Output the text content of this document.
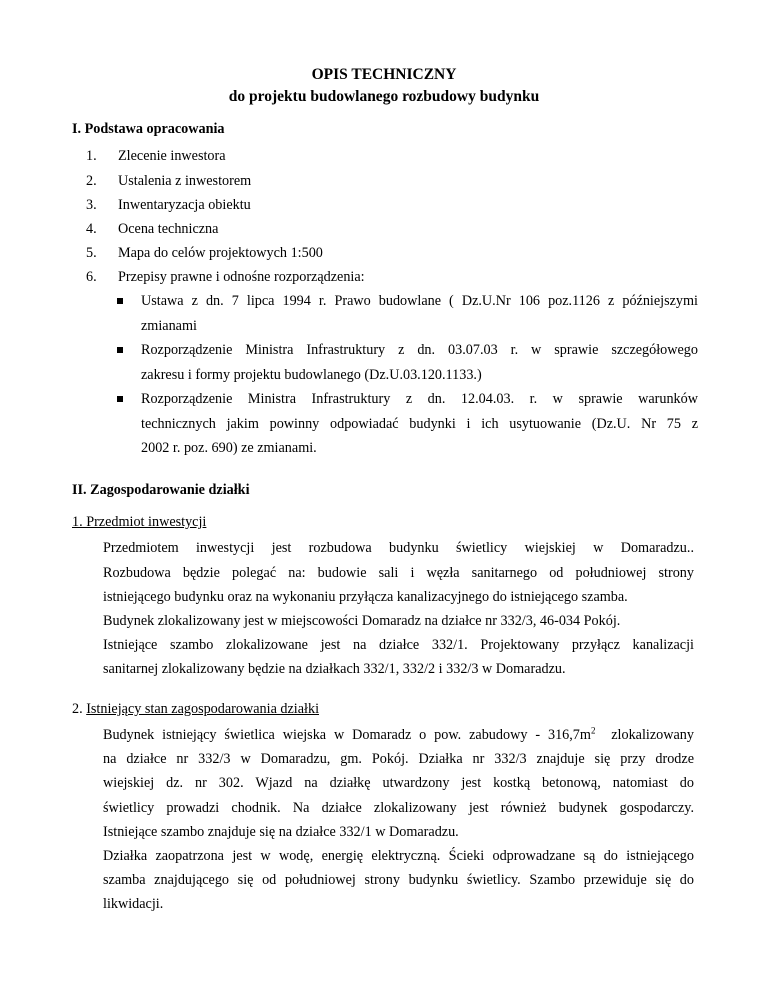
OPIS TECHNICZNY
do projektu budowlanego rozbudowy budynku
I. Podstawa opracowania
1. Zlecenie inwestora
2. Ustalenia z inwestorem
3. Inwentaryzacja obiektu
4. Ocena techniczna
5. Mapa do celów projektowych 1:500
6. Przepisy prawne i odnośne rozporządzenia:
Ustawa z dn. 7 lipca 1994 r. Prawo budowlane ( Dz.U.Nr 106 poz.1126 z późniejszymi
zmianami
Rozporządzenie Ministra Infrastruktury z dn. 03.07.03 r. w sprawie szczegółowego
zakresu i formy projektu budowlanego (Dz.U.03.120.1133.)
Rozporządzenie Ministra Infrastruktury z dn. 12.04.03. r. w sprawie warunków
technicznych jakim powinny odpowiadać budynki i ich usytuowanie (Dz.U. Nr 75 z
2002 r. poz. 690) ze zmianami.
II. Zagospodarowanie działki
1. Przedmiot inwestycji
Przedmiotem inwestycji jest rozbudowa budynku świetlicy wiejskiej w Domaradzu..
Rozbudowa będzie polegać na: budowie sali i węzła sanitarnego od południowej strony
istniejącego budynku oraz na wykonaniu przyłącza kanalizacyjnego do istniejącego szamba.
Budynek zlokalizowany jest w miejscowości Domaradz na działce nr 332/3, 46-034 Pokój.
Istniejące szambo zlokalizowane jest na działce 332/1. Projektowany przyłącz kanalizacji
sanitarnej zlokalizowany będzie na działkach 332/1, 332/2 i 332/3 w Domaradzu.
2. Istniejący stan zagospodarowania działki
Budynek istniejący świetlica wiejska w Domaradz o pow. zabudowy - $316,7m^2$  zlokalizowany
na działce nr 332/3 w Domaradzu, gm. Pokój. Działka nr 332/3 znajduje się przy drodze
wiejskiej dz. nr 302. Wjazd na działkę utwardzony jest kostką betonową, natomiast do
świetlicy prowadzi chodnik. Na działce zlokalizowany jest również budynek gospodarczy.
Istniejące szambo znajduje się na działce 332/1 w Domaradzu.
Działka zaopatrzona jest w wodę, energię elektryczną. Ścieki odprowadzane są do istniejącego
szamba znajdującego się od południowej strony budynku świetlicy. Szambo przewiduje się do
likwidacji.
